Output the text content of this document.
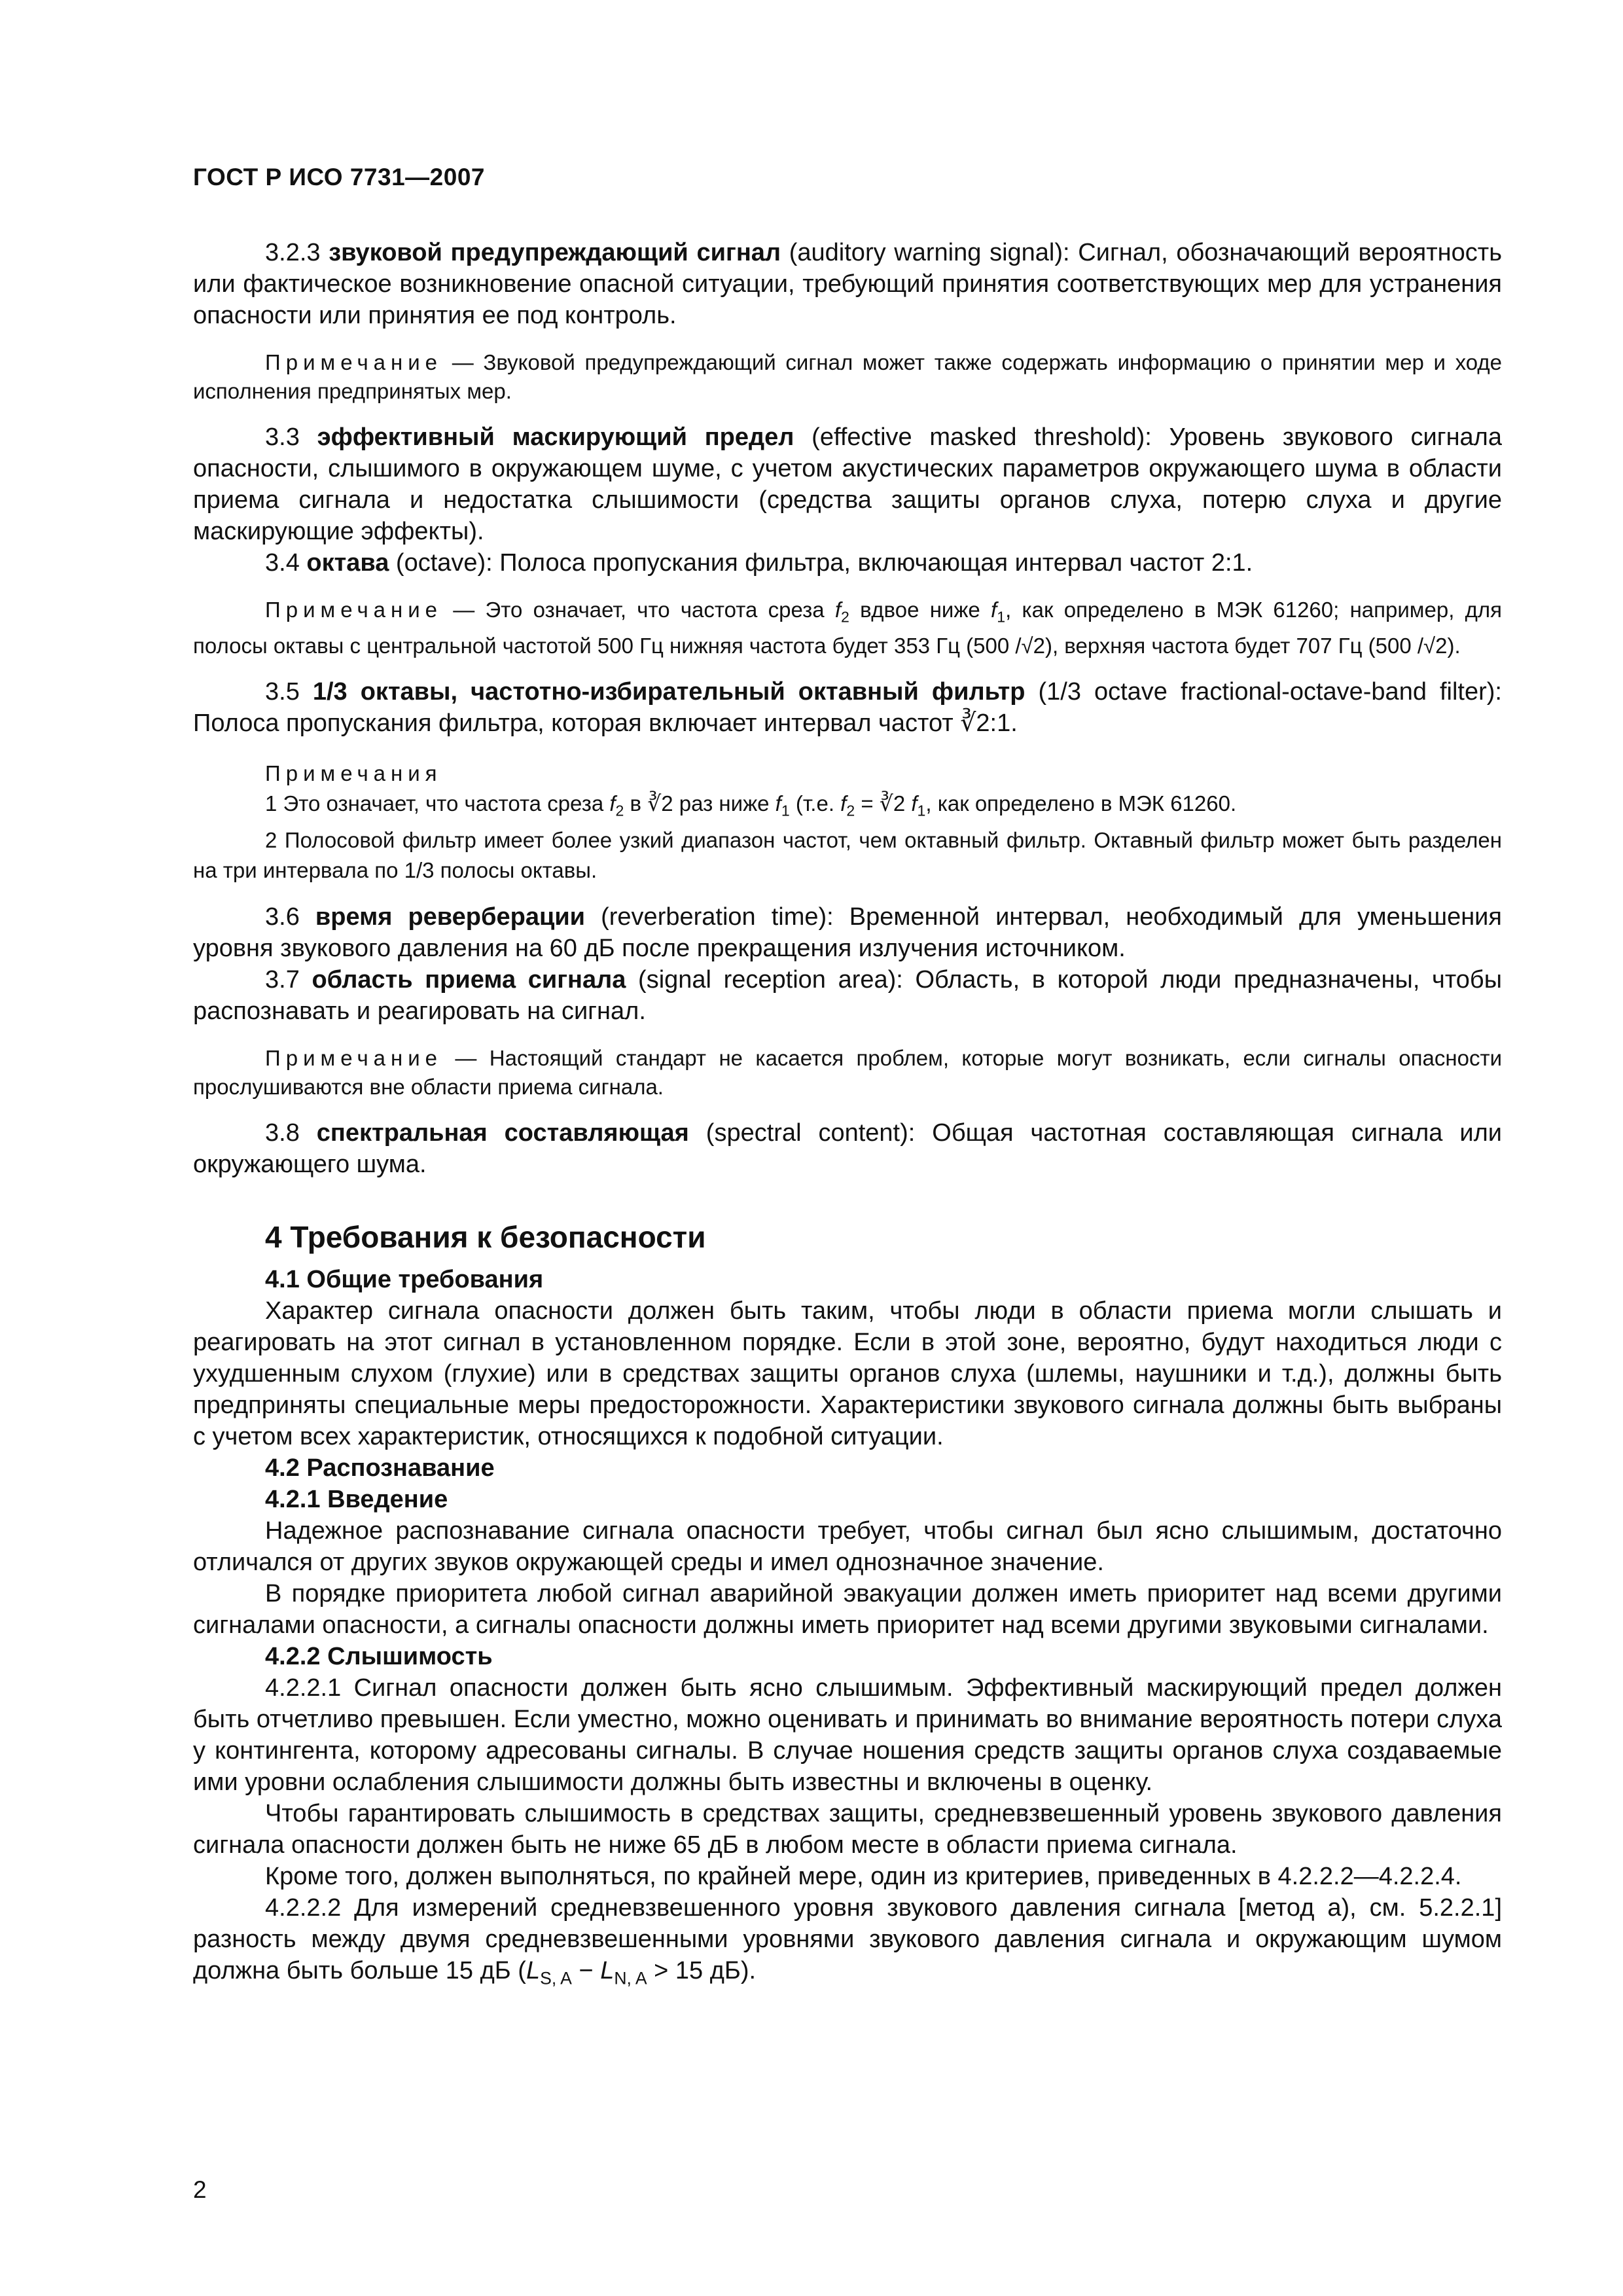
ГОСТ Р ИСО 7731—2007

3.2.3 звуковой предупреждающий сигнал (auditory warning signal): Сигнал, обозначающий вероятность или фактическое возникновение опасной ситуации, требующий принятия соответствующих мер для устранения опасности или принятия ее под контроль.

Примечание — Звуковой предупреждающий сигнал может также содержать информацию о принятии мер и ходе исполнения предпринятых мер.

3.3 эффективный маскирующий предел (effective masked threshold): Уровень звукового сигнала опасности, слышимого в окружающем шуме, с учетом акустических параметров окружающего шума в области приема сигнала и недостатка слышимости (средства защиты органов слуха, потерю слуха и другие маскирующие эффекты).

3.4 октава (octave): Полоса пропускания фильтра, включающая интервал частот 2:1.

Примечание — Это означает, что частота среза $f_2$ вдвое ниже $f_1$, как определено в МЭК 61260; например, для полосы октавы с центральной частотой 500 Гц нижняя частота будет 353 Гц (500 /√2), верхняя частота будет 707 Гц (500 /√2).

3.5 1/3 октавы, частотно-избирательный октавный фильтр (1/3 octave fractional-octave-band filter): Полоса пропускания фильтра, которая включает интервал частот ∛2:1.

Примечания
1 Это означает, что частота среза $f_2$ в ∛2 раз ниже $f_1$ (т.е. $f_2$ = ∛2 $f_1$, как определено в МЭК 61260.
2 Полосовой фильтр имеет более узкий диапазон частот, чем октавный фильтр. Октавный фильтр может быть разделен на три интервала по 1/3 полосы октавы.

3.6 время реверберации (reverberation time): Временной интервал, необходимый для уменьшения уровня звукового давления на 60 дБ после прекращения излучения источником.

3.7 область приема сигнала (signal reception area): Область, в которой люди предназначены, чтобы распознавать и реагировать на сигнал.

Примечание — Настоящий стандарт не касается проблем, которые могут возникать, если сигналы опасности прослушиваются вне области приема сигнала.

3.8 спектральная составляющая (spectral content): Общая частотная составляющая сигнала или окружающего шума.

4 Требования к безопасности
4.1 Общие требования

Характер сигнала опасности должен быть таким, чтобы люди в области приема могли слышать и реагировать на этот сигнал в установленном порядке. Если в этой зоне, вероятно, будут находиться люди с ухудшенным слухом (глухие) или в средствах защиты органов слуха (шлемы, наушники и т.д.), должны быть предприняты специальные меры предосторожности. Характеристики звукового сигнала должны быть выбраны с учетом всех характеристик, относящихся к подобной ситуации.

4.2 Распознавание
4.2.1 Введение

Надежное распознавание сигнала опасности требует, чтобы сигнал был ясно слышимым, достаточно отличался от других звуков окружающей среды и имел однозначное значение.

В порядке приоритета любой сигнал аварийной эвакуации должен иметь приоритет над всеми другими сигналами опасности, а сигналы опасности должны иметь приоритет над всеми другими звуковыми сигналами.

4.2.2 Слышимость

4.2.2.1 Сигнал опасности должен быть ясно слышимым. Эффективный маскирующий предел должен быть отчетливо превышен. Если уместно, можно оценивать и принимать во внимание вероятность потери слуха у контингента, которому адресованы сигналы. В случае ношения средств защиты органов слуха создаваемые ими уровни ослабления слышимости должны быть известны и включены в оценку.

Чтобы гарантировать слышимость в средствах защиты, средневзвешенный уровень звукового давления сигнала опасности должен быть не ниже 65 дБ в любом месте в области приема сигнала.

Кроме того, должен выполняться, по крайней мере, один из критериев, приведенных в 4.2.2.2—4.2.2.4.

4.2.2.2 Для измерений средневзвешенного уровня звукового давления сигнала [метод а), см. 5.2.2.1] разность между двумя средневзвешенными уровнями звукового давления сигнала и окружающим шумом должна быть больше 15 дБ ($L_{S, A} - L_{N, A} > 15$ дБ).

2
